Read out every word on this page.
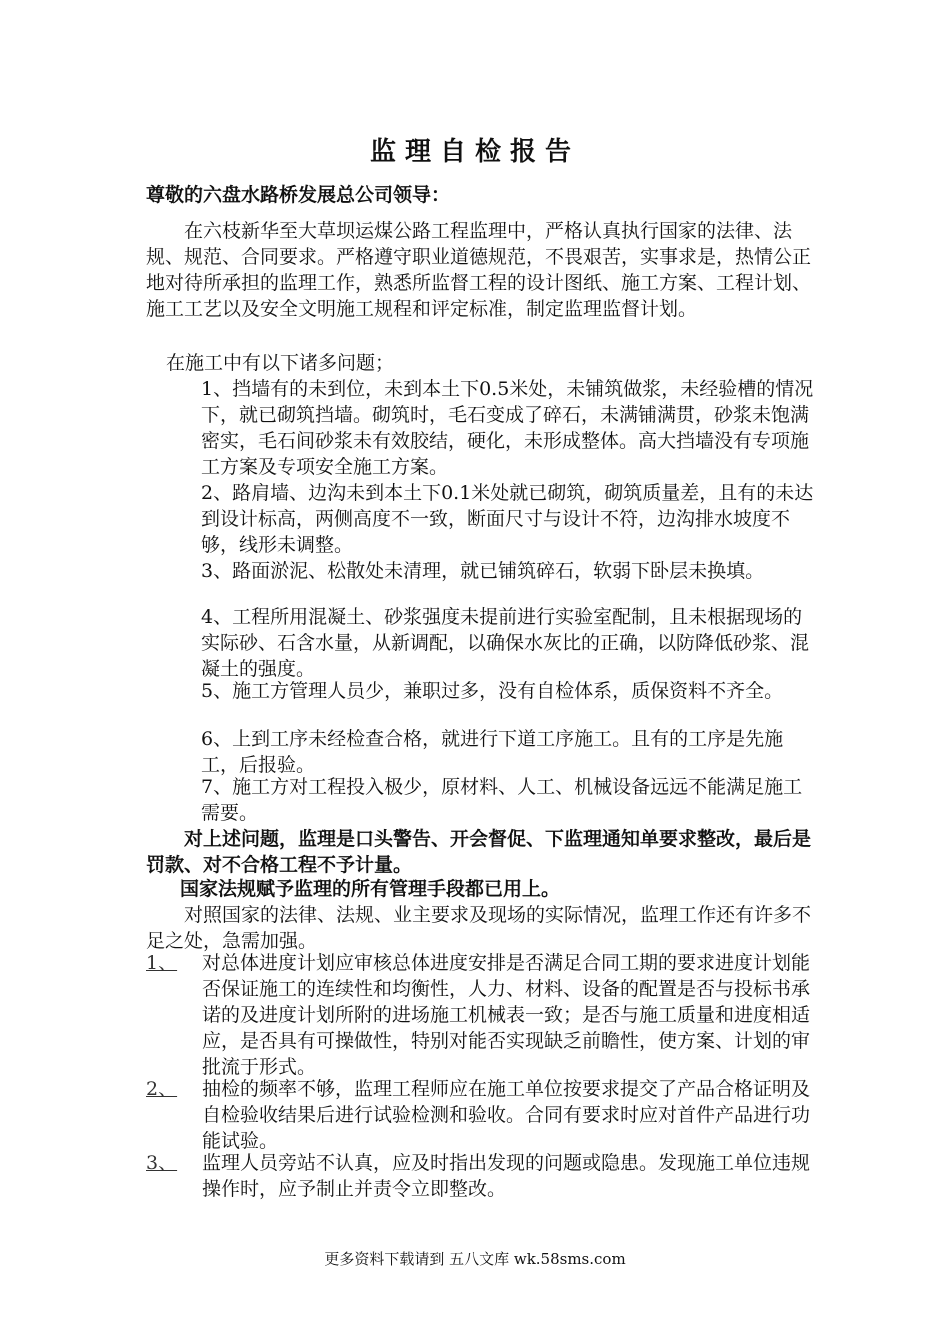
监理自检报告
尊敬的六盘水路桥发展总公司领导：
在六枝新华至大草坝运煤公路工程监理中，严格认真执行国家的法律、法规、规范、合同要求。严格遵守职业道德规范，不畏艰苦，实事求是，热情公正地对待所承担的监理工作，熟悉所监督工程的设计图纸、施工方案、工程计划、施工工艺以及安全文明施工规程和评定标准，制定监理监督计划。
在施工中有以下诸多问题；
1、挡墙有的未到位，未到本土下0.5米处，未铺筑做浆，未经验槽的情况下，就已砌筑挡墙。砌筑时，毛石变成了碎石，未满铺满贯，砂浆未饱满密实，毛石间砂浆未有效胶结，硬化，未形成整体。高大挡墙没有专项施工方案及专项安全施工方案。
2、路肩墙、边沟未到本土下0.1米处就已砌筑，砌筑质量差，且有的未达到设计标高，两侧高度不一致，断面尺寸与设计不符，边沟排水坡度不够，线形未调整。
3、路面淤泥、松散处未清理，就已铺筑碎石，软弱下卧层未换填。
4、工程所用混凝土、砂浆强度未提前进行实验室配制，且未根据现场的实际砂、石含水量，从新调配，以确保水灰比的正确，以防降低砂浆、混凝土的强度。
5、施工方管理人员少，兼职过多，没有自检体系，质保资料不齐全。
6、上到工序未经检查合格，就进行下道工序施工。且有的工序是先施工，后报验。
7、施工方对工程投入极少，原材料、人工、机械设备远远不能满足施工需要。
对上述问题，监理是口头警告、开会督促、下监理通知单要求整改，最后是罚款、对不合格工程不予计量。
国家法规赋予监理的所有管理手段都已用上。
对照国家的法律、法规、业主要求及现场的实际情况，监理工作还有许多不足之处，急需加强。
1、	对总体进度计划应审核总体进度安排是否满足合同工期的要求进度计划能否保证施工的连续性和均衡性，人力、材料、设备的配置是否与投标书承诺的及进度计划所附的进场施工机械表一致；是否与施工质量和进度相适应，是否具有可操做性，特别对能否实现缺乏前瞻性，使方案、计划的审批流于形式。
2、	抽检的频率不够，监理工程师应在施工单位按要求提交了产品合格证明及自检验收结果后进行试验检测和验收。合同有要求时应对首件产品进行功能试验。
3、	监理人员旁站不认真，应及时指出发现的问题或隐患。发现施工单位违规操作时，应予制止并责令立即整改。
更多资料下载请到 五八文库 wk.58sms.com
